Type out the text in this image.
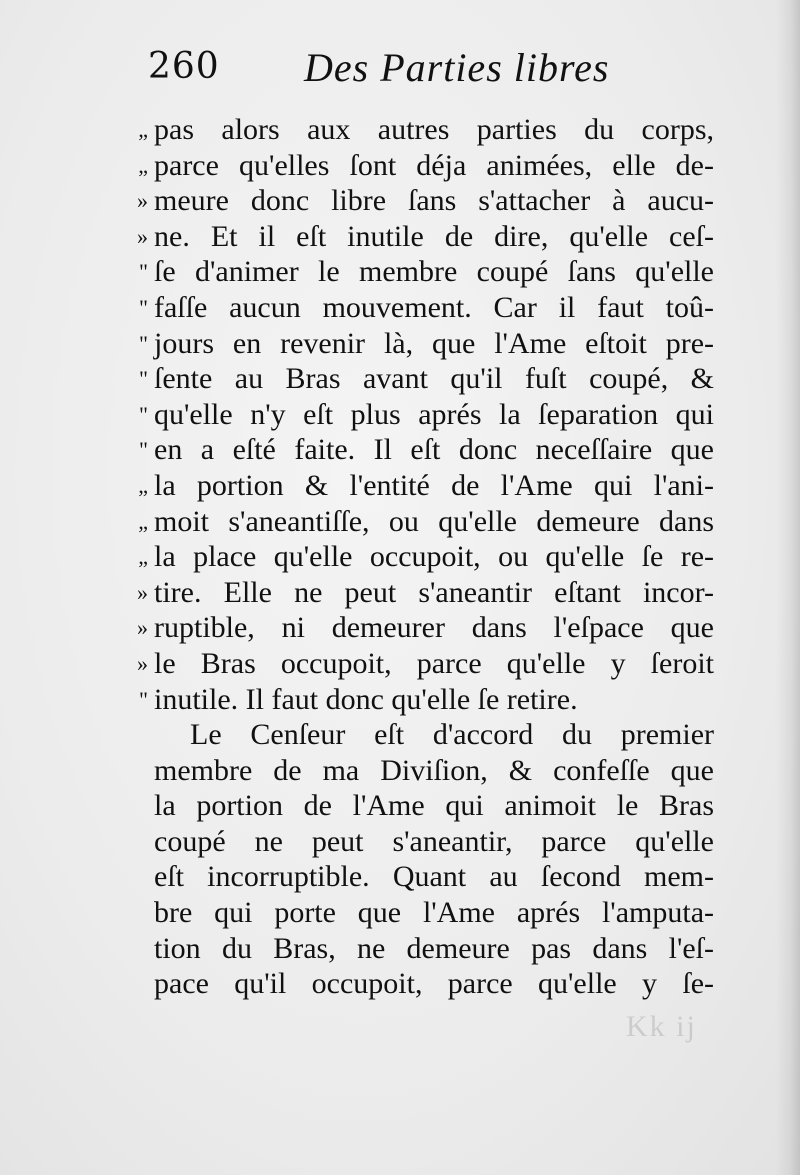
260 Des Parties libres
„ pas alors aux autres parties du corps,
„ parce qu'elles ſont déja animées, elle de-
» meure donc libre ſans s'attacher à aucu-
» ne. Et il eſt inutile de dire, qu'elle ceſ-
" ſe d'animer le membre coupé ſans qu'elle
" faſſe aucun mouvement. Car il faut toû-
" jours en revenir là, que l'Ame eſtoit pre-
" ſente au Bras avant qu'il fuſt coupé, &
" qu'elle n'y eſt plus aprés la ſeparation qui
" en a eſté faite. Il eſt donc neceſſaire que
„ la portion & l'entité de l'Ame qui l'ani-
„ moit s'aneantiſſe, ou qu'elle demeure dans
„ la place qu'elle occupoit, ou qu'elle ſe re-
» tire. Elle ne peut s'aneantir eſtant incor-
» ruptible, ni demeurer dans l'eſpace que
» le Bras occupoit, parce qu'elle y ſeroit
" inutile. Il faut donc qu'elle ſe retire.
Le Cenſeur eſt d'accord du premier
membre de ma Diviſion, & confeſſe que
la portion de l'Ame qui animoit le Bras
coupé ne peut s'aneantir, parce qu'elle
eſt incorruptible. Quant au ſecond mem-
bre qui porte que l'Ame aprés l'amputa-
tion du Bras, ne demeure pas dans l'eſ-
pace qu'il occupoit, parce qu'elle y ſe-
Kk ij
